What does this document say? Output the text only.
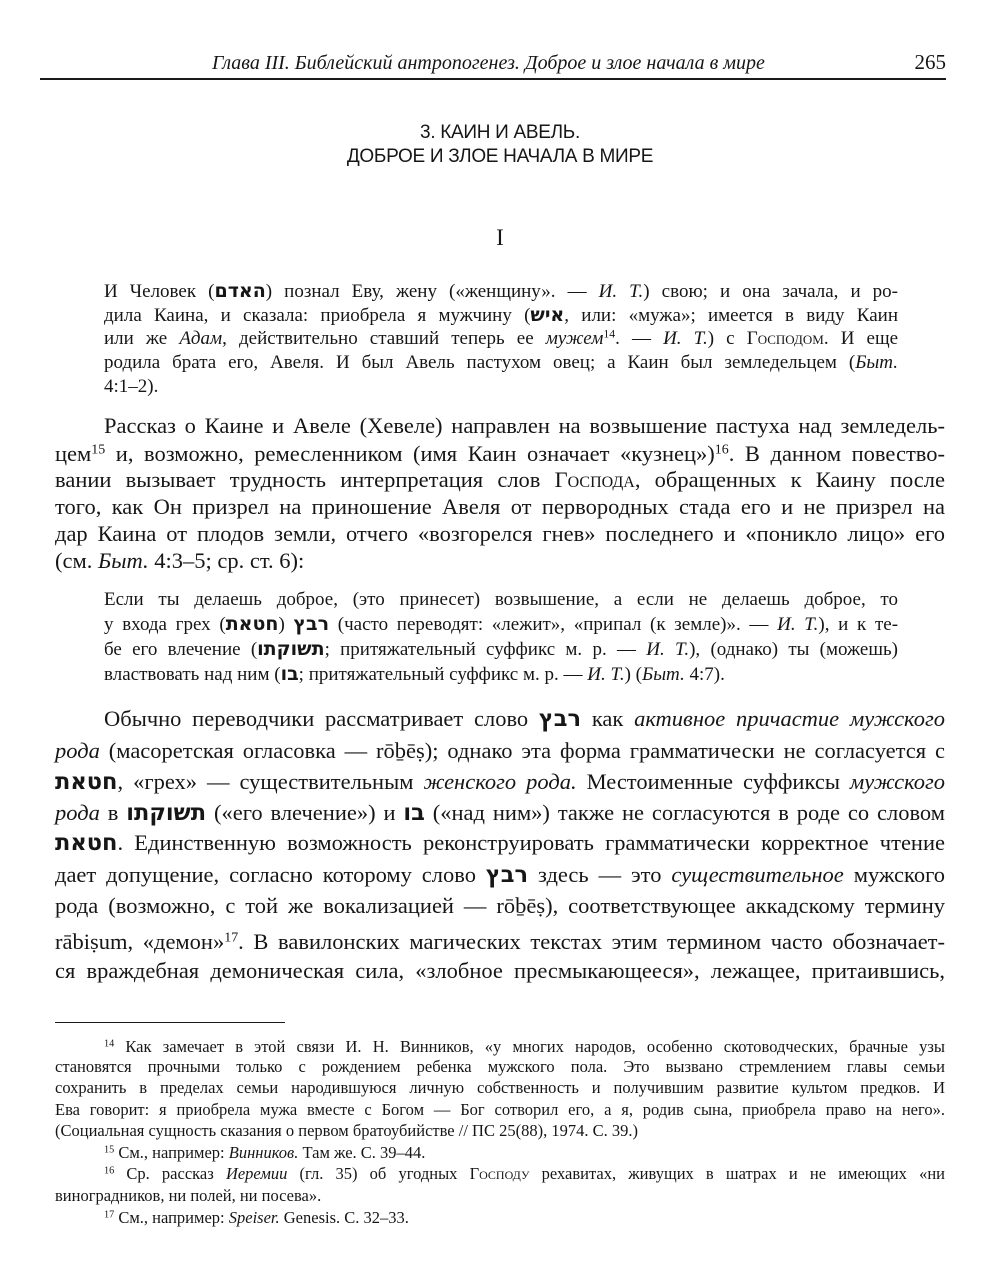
Глава III. Библейский антропогенез. Доброе и злое начала в мире	265
3. КАИН И АВЕЛЬ.
ДОБРОЕ И ЗЛОЕ НАЧАЛА В МИРЕ
I
И Человек (האדם) познал Еву, жену («женщину». — И. Т.) свою; и она зачала, и ро-
дила Каина, и сказала: приобрела я мужчину (איש, или: «мужа»; имеется в виду Каин
или же Адам, действительно ставший теперь ее мужем$^{14}$. — И. Т.) с Господом. И еще
родила брата его, Авеля. И был Авель пастухом овец; а Каин был земледельцем (Быт.
4:1–2).
Рассказ о Каине и Авеле (Хевеле) направлен на возвышение пастуха над земледель-
цем$^{15}$ и, возможно, ремесленником (имя Каин означает «кузнец»)$^{16}$. В данном повество-
вании вызывает трудность интерпретация слов Господа, обращенных к Каину после
того, как Он призрел на приношение Авеля от первородных стада его и не призрел на
дар Каина от плодов земли, отчего «возгорелся гнев» последнего и «поникло лицо» его
(см. Быт. 4:3–5; ср. ст. 6):
Если ты делаешь доброе, (это принесет) возвышение, а если не делаешь доброе, то
у входа грех (חטאת) רבץ (часто переводят: «лежит», «припал (к земле)». — И. Т.), и к те-
бе его влечение (תשוקתו; притяжательный суффикс м. р. — И. Т.), (однако) ты (можешь)
властвовать над ним (בו; притяжательный суффикс м. р. — И. Т.) (Быт. 4:7).
Обычно переводчики рассматривает слово רבץ как активное причастие мужского
рода (масоретская огласовка — rōḇēṣ); однако эта форма грамматически не согласуется с
חטאת, «грех» — существительным женского рода. Местоименные суффиксы мужского
рода в תשוקתו («его влечение») и בו («над ним») также не согласуются в роде со словом
חטאת. Единственную возможность реконструировать грамматически корректное чтение
дает допущение, согласно которому слово רבץ здесь — это существительное мужского
рода (возможно, с той же вокализацией — rōḇēṣ), соответствующее аккадскому термину
rābiṣum, «демон»$^{17}$. В вавилонских магических текстах этим термином часто обозначает-
ся враждебная демоническая сила, «злобное пресмыкающееся», лежащее, притаившись,
$^{14}$ Как замечает в этой связи И. Н. Винников, «у многих народов, особенно скотоводческих, брачные узы
становятся прочными только с рождением ребенка мужского пола. Это вызвано стремлением главы семьи
сохранить в пределах семьи народившуюся личную собственность и получившим развитие культом предков. И
Ева говорит: я приобрела мужа вместе с Богом — Бог сотворил его, а я, родив сына, приобрела право на него».
(Социальная сущность сказания о первом братоубийстве // ПС 25(88), 1974. С. 39.)
$^{15}$ См., например: Винников. Там же. С. 39–44.
$^{16}$ Ср. рассказ Иеремии (гл. 35) об угодных Господу рехавитах, живущих в шатрах и не имеющих «ни
виноградников, ни полей, ни посева».
$^{17}$ См., например: Speiser. Genesis. С. 32–33.
